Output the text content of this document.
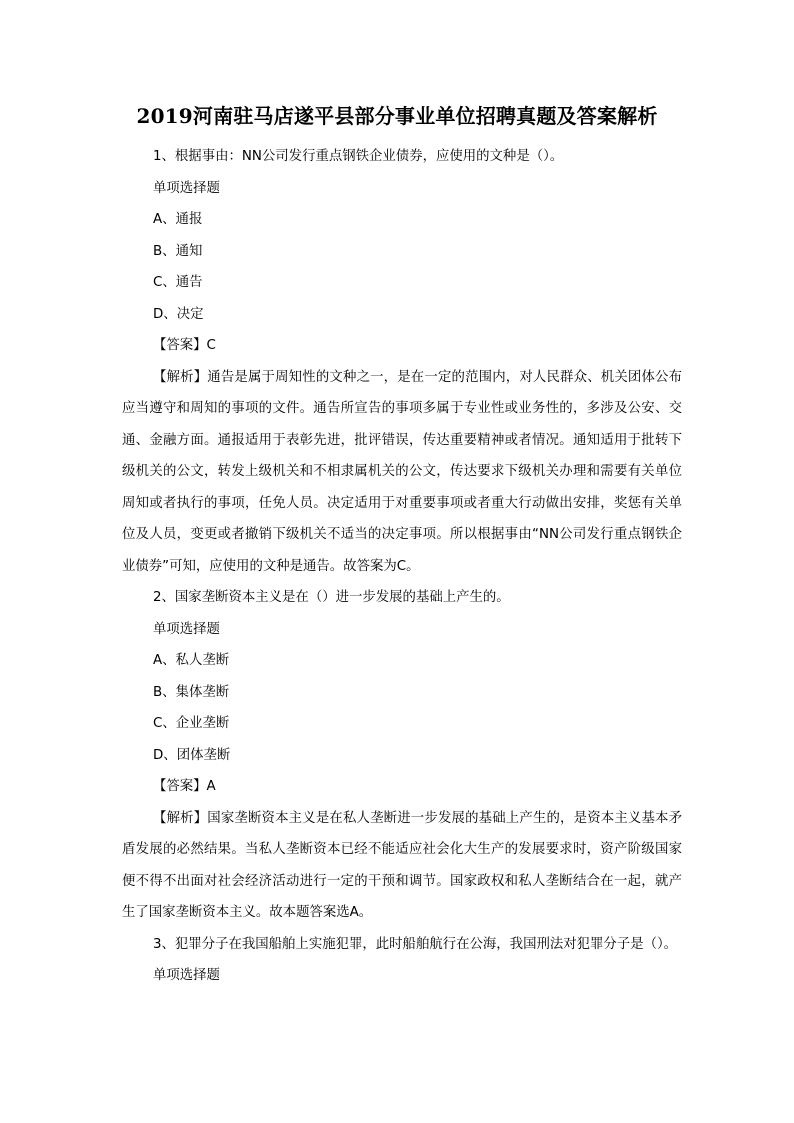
2019河南驻马店遂平县部分事业单位招聘真题及答案解析

1、根据事由：NN公司发行重点钢铁企业债券，应使用的文种是（）。

单项选择题

A、通报

B、通知

C、通告

D、决定

【答案】C

【解析】通告是属于周知性的文种之一，是在一定的范围内，对人民群众、机关团体公布应当遵守和周知的事项的文件。通告所宣告的事项多属于专业性或业务性的，多涉及公安、交通、金融方面。通报适用于表彰先进，批评错误，传达重要精神或者情况。通知适用于批转下级机关的公文，转发上级机关和不相隶属机关的公文，传达要求下级机关办理和需要有关单位周知或者执行的事项，任免人员。决定适用于对重要事项或者重大行动做出安排，奖惩有关单位及人员，变更或者撤销下级机关不适当的决定事项。所以根据事由“NN公司发行重点钢铁企业债券”可知，应使用的文种是通告。故答案为C。

2、国家垄断资本主义是在（）进一步发展的基础上产生的。

单项选择题

A、私人垄断

B、集体垄断

C、企业垄断

D、团体垄断

【答案】A

【解析】国家垄断资本主义是在私人垄断进一步发展的基础上产生的，是资本主义基本矛盾发展的必然结果。当私人垄断资本已经不能适应社会化大生产的发展要求时，资产阶级国家便不得不出面对社会经济活动进行一定的干预和调节。国家政权和私人垄断结合在一起，就产生了国家垄断资本主义。故本题答案选A。

3、犯罪分子在我国船舶上实施犯罪，此时船舶航行在公海，我国刑法对犯罪分子是（）。

单项选择题
